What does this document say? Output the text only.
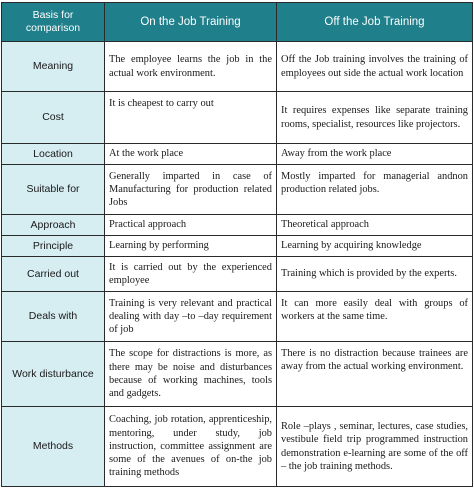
Basis for
comparison	On the Job Training	Off the Job Training
Meaning	The employee learns the job in the actual work environment.	Off the Job training involves the training of employees out side the actual work location
Cost	It is cheapest to carry out	It requires expenses like separate training rooms, specialist, resources like projectors.
Location	At the work place	Away from the work place
Suitable for	Generally imparted in case of Manufacturing for production related Jobs	Mostly imparted for managerial andnon production related jobs.
Approach	Practical approach	Theoretical approach
Principle	Learning by performing	Learning by acquiring knowledge
Carried out	It is carried out by the experienced employee	Training which is provided by the experts.
Deals with	Training is very relevant and practical dealing with day –to –day requirement of job	It can more easily deal with groups of workers at the same time.
Work disturbance	The scope for distractions is more, as there may be noise and disturbances because of working machines, tools and gadgets.	There is no distraction because trainees are away from the actual working environment.
Methods	Coaching, job rotation, apprenticeship, mentoring, under study, job instruction, committee assignment are some of the avenues of on-the job training methods	Role –plays , seminar, lectures, case studies, vestibule field trip programmed instruction demonstration e-learning are some of the off – the job training methods.
